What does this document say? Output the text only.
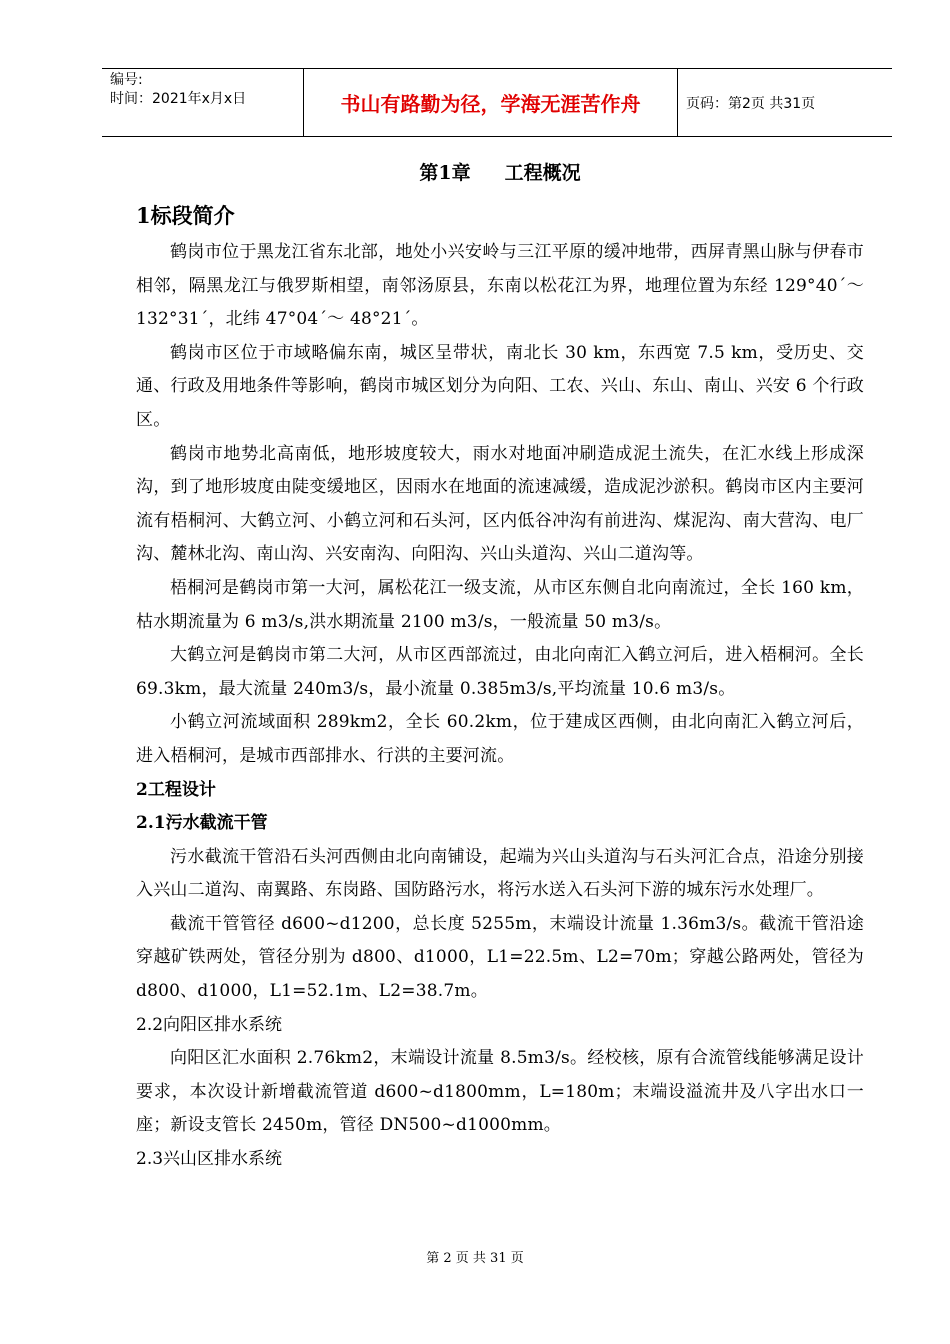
编号:
时间：2021年x月x日	书山有路勤为径，学海无涯苦作舟	页码：第2页 共31页
第1章 工程概况
1标段简介

鹤岗市位于黑龙江省东北部，地处小兴安岭与三江平原的缓冲地带，西屏青黑山脉与伊春市相邻，隔黑龙江与俄罗斯相望，南邻汤原县，东南以松花江为界，地理位置为东经 129°40´～ 132°31´，北纬 47°04´～ 48°21´。

鹤岗市区位于市域略偏东南，城区呈带状，南北长 30 km，东西宽 7.5 km，受历史、交通、行政及用地条件等影响，鹤岗市城区划分为向阳、工农、兴山、东山、南山、兴安 6 个行政区。

鹤岗市地势北高南低，地形坡度较大，雨水对地面冲刷造成泥土流失，在汇水线上形成深沟，到了地形坡度由陡变缓地区，因雨水在地面的流速减缓，造成泥沙淤积。鹤岗市区内主要河流有梧桐河、大鹤立河、小鹤立河和石头河，区内低谷冲沟有前进沟、煤泥沟、南大营沟、电厂沟、麓林北沟、南山沟、兴安南沟、向阳沟、兴山头道沟、兴山二道沟等。

梧桐河是鹤岗市第一大河，属松花江一级支流，从市区东侧自北向南流过，全长 160 km，枯水期流量为 6 m3/s,洪水期流量 2100 m3/s，一般流量 50 m3/s。

大鹤立河是鹤岗市第二大河，从市区西部流过，由北向南汇入鹤立河后，进入梧桐河。全长 69.3km，最大流量 240m3/s，最小流量 0.385m3/s,平均流量 10.6 m3/s。

小鹤立河流域面积 289km2，全长 60.2km，位于建成区西侧，由北向南汇入鹤立河后，进入梧桐河，是城市西部排水、行洪的主要河流。

2工程设计
2.1污水截流干管

污水截流干管沿石头河西侧由北向南铺设，起端为兴山头道沟与石头河汇合点，沿途分别接入兴山二道沟、南翼路、东岗路、国防路污水，将污水送入石头河下游的城东污水处理厂。

截流干管管径 d600~d1200，总长度 5255m，末端设计流量 1.36m3/s。截流干管沿途穿越矿铁两处，管径分别为 d800、d1000，L1=22.5m、L2=70m；穿越公路两处，管径为 d800、d1000，L1=52.1m、L2=38.7m。

2.2向阳区排水系统

向阳区汇水面积 2.76km2，末端设计流量 8.5m3/s。经校核，原有合流管线能够满足设计要求，本次设计新增截流管道 d600~d1800mm，L=180m；末端设溢流井及八字出水口一座；新设支管长 2450m，管径 DN500~d1000mm。

2.3兴山区排水系统
第 2 页 共 31 页
